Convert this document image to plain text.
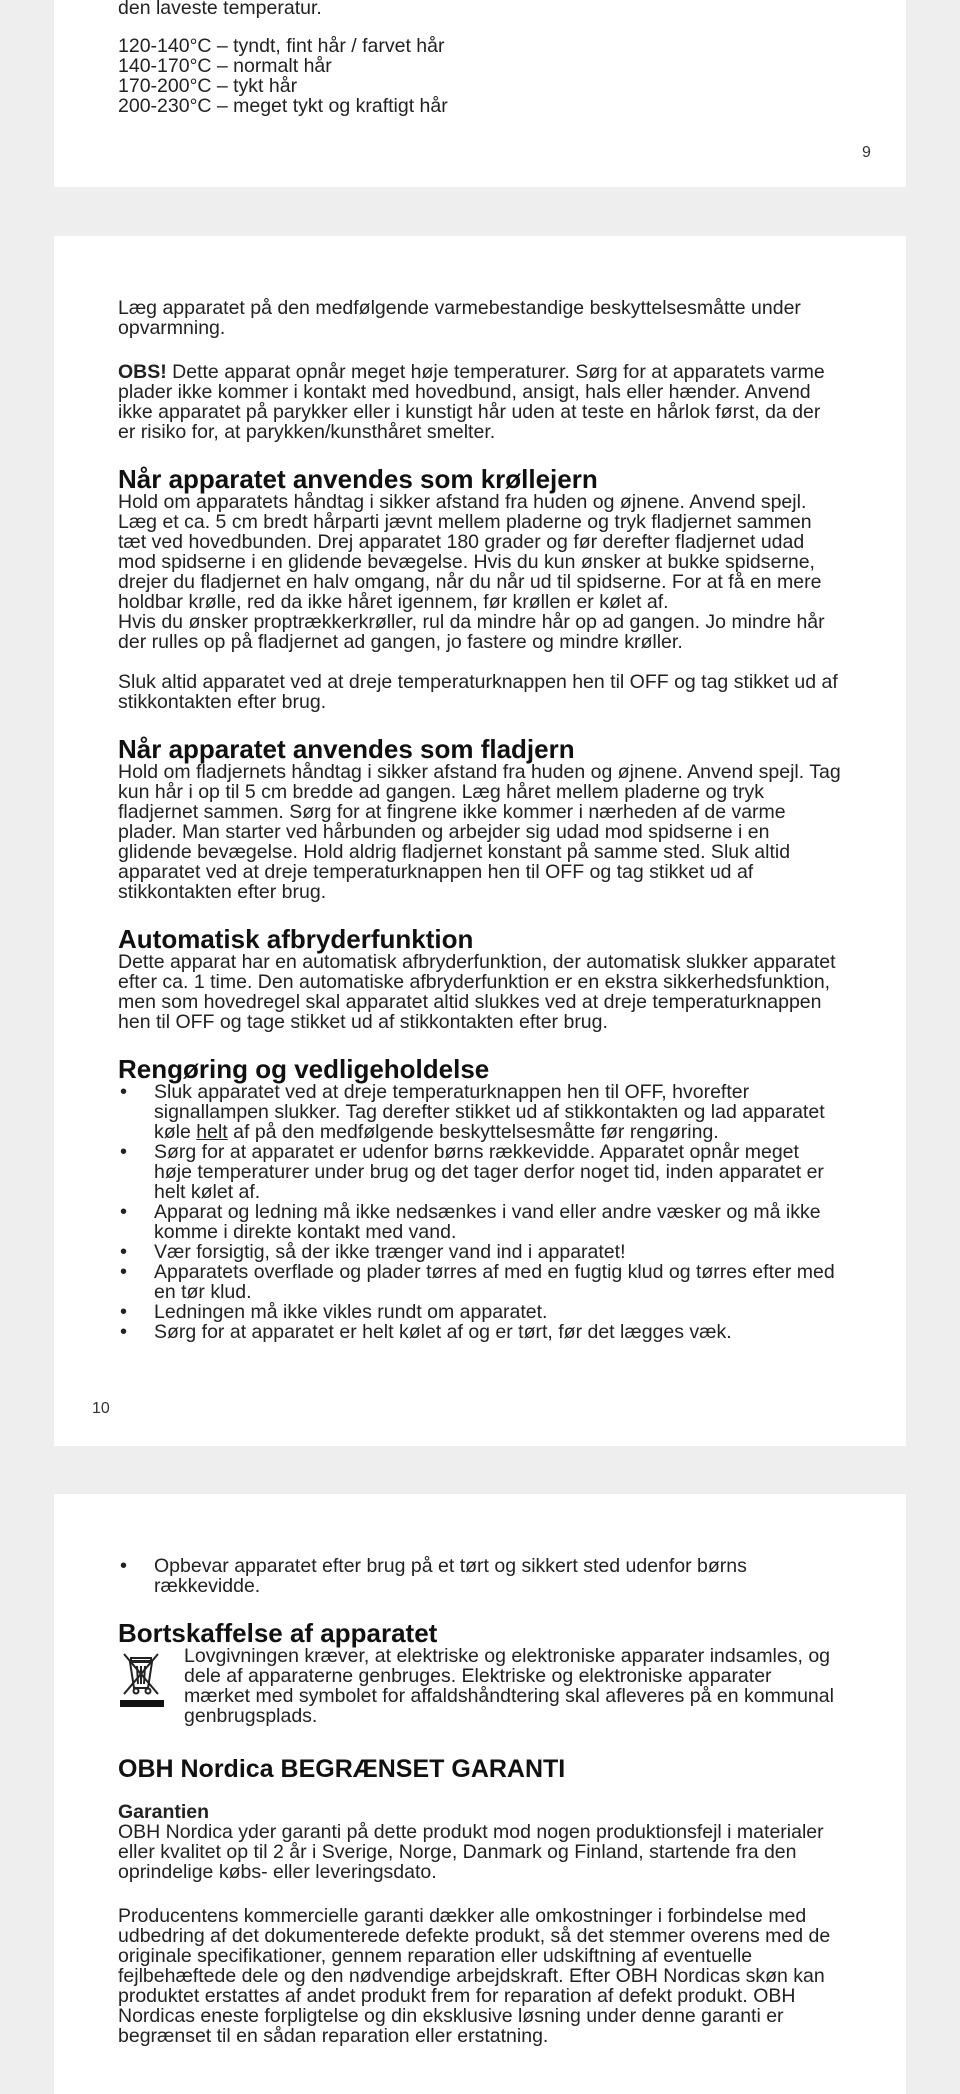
den laveste temperatur.

120-140°C – tyndt, fint hår / farvet hår

140-170°C – normalt hår

170-200°C – tykt hår

200-230°C – meget tykt og kraftigt hår

9

Læg apparatet på den medfølgende varmebestandige beskyttelsesmåtte under opvarmning.

OBS! Dette apparat opnår meget høje temperaturer. Sørg for at apparatets varme plader ikke kommer i kontakt med hovedbund, ansigt, hals eller hænder. Anvend ikke apparatet på parykker eller i kunstigt hår uden at teste en hårlok først, da der er risiko for, at parykken/kunsthåret smelter.

Når apparatet anvendes som krøllejern

Hold om apparatets håndtag i sikker afstand fra huden og øjnene. Anvend spejl. Læg et ca. 5 cm bredt hårparti jævnt mellem pladerne og tryk fladjernet sammen tæt ved hovedbunden. Drej apparatet 180 grader og før derefter fladjernet udad mod spidserne i en glidende bevægelse. Hvis du kun ønsker at bukke spidserne, drejer du fladjernet en halv omgang, når du når ud til spidserne. For at få en mere holdbar krølle, red da ikke håret igennem, før krøllen er kølet af.

Hvis du ønsker proptrækkerkrøller, rul da mindre hår op ad gangen. Jo mindre hår der rulles op på fladjernet ad gangen, jo fastere og mindre krøller.

Sluk altid apparatet ved at dreje temperaturknappen hen til OFF og tag stikket ud af stikkontakten efter brug.

Når apparatet anvendes som fladjern

Hold om fladjernets håndtag i sikker afstand fra huden og øjnene. Anvend spejl. Tag kun hår i op til 5 cm bredde ad gangen. Læg håret mellem pladerne og tryk fladjernet sammen. Sørg for at fingrene ikke kommer i nærheden af de varme plader. Man starter ved hårbunden og arbejder sig udad mod spidserne i en glidende bevægelse. Hold aldrig fladjernet konstant på samme sted. Sluk altid apparatet ved at dreje temperaturknappen hen til OFF og tag stikket ud af stikkontakten efter brug.

Automatisk afbryderfunktion

Dette apparat har en automatisk afbryderfunktion, der automatisk slukker apparatet efter ca. 1 time. Den automatiske afbryderfunktion er en ekstra sikkerhedsfunktion, men som hovedregel skal apparatet altid slukkes ved at dreje temperaturknappen hen til OFF og tage stikket ud af stikkontakten efter brug.

Rengøring og vedligeholdelse
• Sluk apparatet ved at dreje temperaturknappen hen til OFF, hvorefter signallampen slukker. Tag derefter stikket ud af stikkontakten og lad apparatet køle helt af på den medfølgende beskyttelsesmåtte før rengøring.
• Sørg for at apparatet er udenfor børns rækkevidde. Apparatet opnår meget høje temperaturer under brug og det tager derfor noget tid, inden apparatet er helt kølet af.
• Apparat og ledning må ikke nedsænkes i vand eller andre væsker og må ikke komme i direkte kontakt med vand.
• Vær forsigtig, så der ikke trænger vand ind i apparatet!
• Apparatets overflade og plader tørres af med en fugtig klud og tørres efter med en tør klud.
• Ledningen må ikke vikles rundt om apparatet.
• Sørg for at apparatet er helt kølet af og er tørt, før det lægges væk.
10
• Opbevar apparatet efter brug på et tørt og sikkert sted udenfor børns rækkevidde.
Bortskaffelse af apparatet

Lovgivningen kræver, at elektriske og elektroniske apparater indsamles, og dele af apparaterne genbruges. Elektriske og elektroniske apparater mærket med symbolet for affaldshåndtering skal afleveres på en kommunal genbrugsplads.

OBH Nordica BEGRÆNSET GARANTI

Garantien

OBH Nordica yder garanti på dette produkt mod nogen produktionsfejl i materialer eller kvalitet op til 2 år i Sverige, Norge, Danmark og Finland, startende fra den oprindelige købs- eller leveringsdato.

Producentens kommercielle garanti dækker alle omkostninger i forbindelse med udbedring af det dokumenterede defekte produkt, så det stemmer overens med de originale specifikationer, gennem reparation eller udskiftning af eventuelle fejlbehæftede dele og den nødvendige arbejdskraft. Efter OBH Nordicas skøn kan produktet erstattes af andet produkt frem for reparation af defekt produkt. OBH Nordicas eneste forpligtelse og din eksklusive løsning under denne garanti er begrænset til en sådan reparation eller erstatning.
